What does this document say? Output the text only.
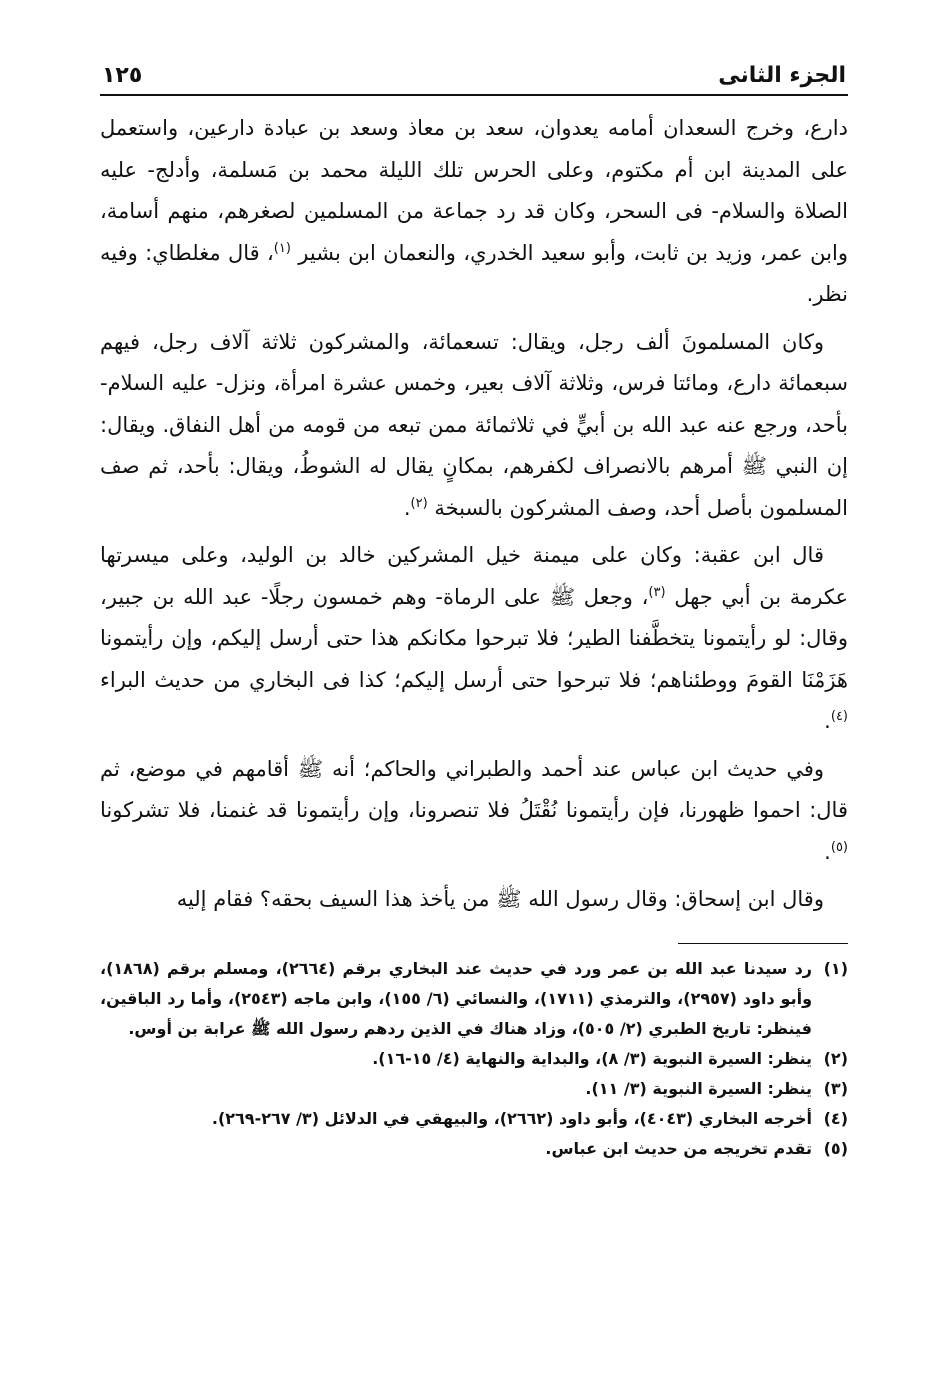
الجزء الثانى
١٢٥

دارع، وخرج السعدان أمامه يعدوان، سعد بن معاذ وسعد بن عبادة دارعين، واستعمل على المدينة ابن أم مكتوم، وعلى الحرس تلك الليلة محمد بن مَسلمة، وأدلج- عليه الصلاة والسلام- فى السحر، وكان قد رد جماعة من المسلمين لصغرهم، منهم أسامة، وابن عمر، وزيد بن ثابت، وأبو سعيد الخدري، والنعمان ابن بشير $^{(١)}$، قال مغلطاي: وفيه نظر.

وكان المسلمونَ ألف رجل، ويقال: تسعمائة، والمشركون ثلاثة آلاف رجل، فيهم سبعمائة دارع، ومائتا فرس، وثلاثة آلاف بعير، وخمس عشرة امرأة، ونزل- عليه السلام- بأحد، ورجع عنه عبد الله بن أبيٍّ في ثلاثمائة ممن تبعه من قومه من أهل النفاق. ويقال: إن النبي ﷺ أمرهم بالانصراف لكفرهم، بمكانٍ يقال له الشوطُ، ويقال: بأحد، ثم صف المسلمون بأصل أحد، وصف المشركون بالسبخة $^{(٢)}$.

قال ابن عقبة: وكان على ميمنة خيل المشركين خالد بن الوليد، وعلى ميسرتها عكرمة بن أبي جهل $^{(٣)}$، وجعل ﷺ على الرماة- وهم خمسون رجلًا- عبد الله بن جبير، وقال: لو رأيتمونا يتخطَّفنا الطير؛ فلا تبرحوا مكانكم هذا حتى أرسل إليكم، وإن رأيتمونا هَزَمْنَا القومَ ووطئناهم؛ فلا تبرحوا حتى أرسل إليكم؛ كذا فى البخاري من حديث البراء $^{(٤)}$.

وفي حديث ابن عباس عند أحمد والطبراني والحاكم؛ أنه ﷺ أقامهم في موضع، ثم قال: احموا ظهورنا، فإن رأيتمونا نُقْتَلُ فلا تنصرونا، وإن رأيتمونا قد غنمنا، فلا تشركونا $^{(٥)}$.

وقال ابن إسحاق: وقال رسول الله ﷺ من يأخذ هذا السيف بحقه؟ فقام إليه

(١)
رد سيدنا عبد الله بن عمر ورد في حديث عند البخاري برقم (٢٦٦٤)، ومسلم برقم (١٨٦٨)، وأبو داود (٢٩٥٧)، والترمذي (١٧١١)، والنسائي (٦/ ١٥٥)، وابن ماجه (٢٥٤٣)، وأما رد الباقين، فينظر: تاريخ الطبري (٢/ ٥٠٥)، وزاد هناك في الذين ردهم رسول الله ﷺ عرابة بن أوس.
(٢)
ينظر: السيرة النبوية (٣/ ٨)، والبداية والنهاية (٤/ ١٥-١٦).
(٣)
ينظر: السيرة النبوية (٣/ ١١).
(٤)
أخرجه البخاري (٤٠٤٣)، وأبو داود (٢٦٦٢)، والبيهقي في الدلائل (٣/ ٢٦٧-٢٦٩).
(٥)
تقدم تخريجه من حديث ابن عباس.
